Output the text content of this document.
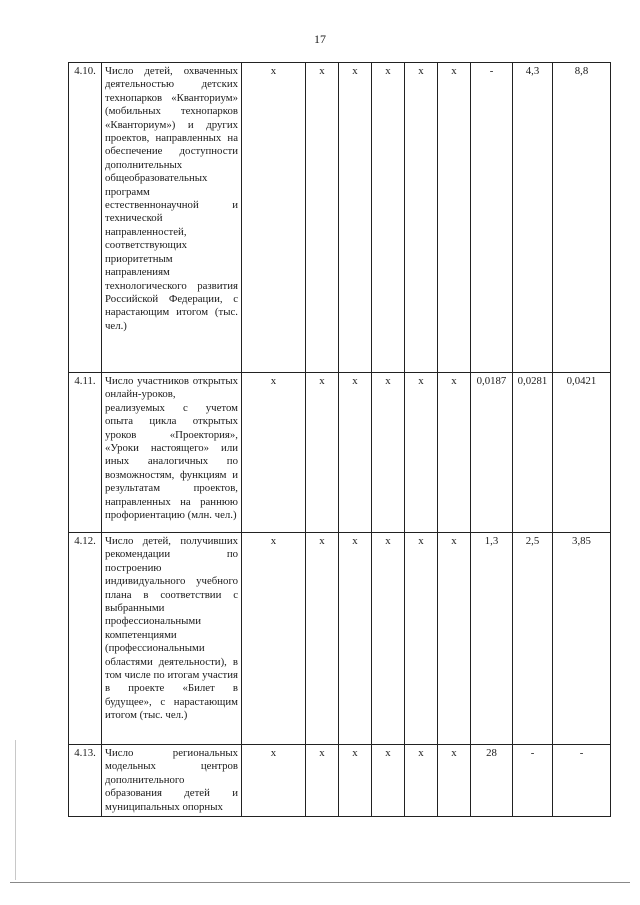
17
4.10.	Число детей, охваченных деятельностью детских технопарков «Кванториум» (мобильных технопарков «Кванториум») и других проектов, направленных на обеспечение доступности дополнительных общеобразовательных программ естественнонаучной и технической направленностей, соответствующих приоритетным направлениям технологического развития Российской Федерации, с нарастающим итогом (тыс. чел.)	х	х	х	х	х	х	-	4,3	8,8
4.11.	Число участников открытых онлайн-уроков, реализуемых с учетом опыта цикла открытых уроков «Проектория», «Уроки настоящего» или иных аналогичных по возможностям, функциям и результатам проектов, направленных на раннюю профориентацию (млн. чел.)	х	х	х	х	х	х	0,0187	0,0281	0,0421
4.12.	Число детей, получивших рекомендации по построению индивидуального учебного плана в соответствии с выбранными профессиональными компетенциями (профессиональными областями деятельности), в том числе по итогам участия в проекте «Билет в будущее», с нарастающим итогом (тыс. чел.)	х	х	х	х	х	х	1,3	2,5	3,85
4.13.	Число региональных модельных центров дополнительного образования детей и муниципальных опорных	х	х	х	х	х	х	28	-	-
